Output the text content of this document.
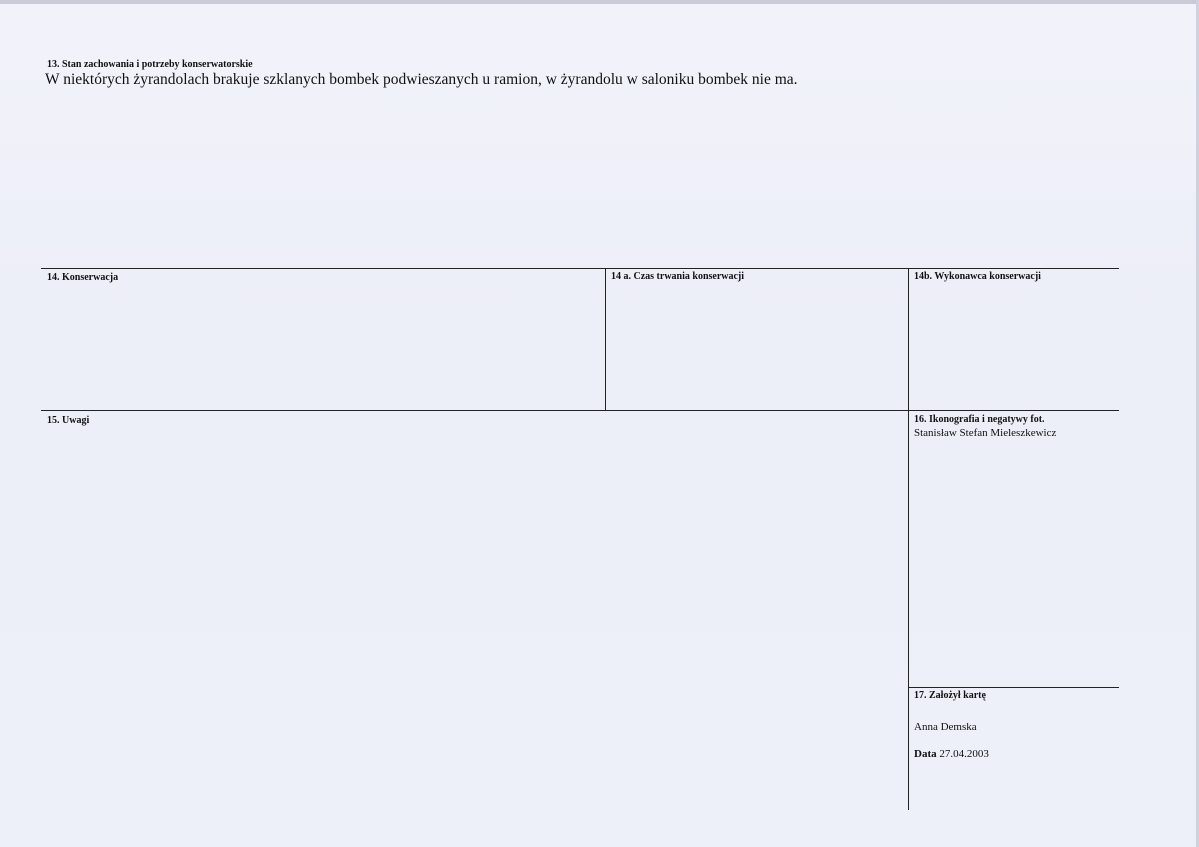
13. Stan zachowania i potrzeby konserwatorskie
W niektórych żyrandolach brakuje szklanych bombek podwieszanych u ramion, w żyrandolu w saloniku bombek nie ma.
14. Konserwacja	14 a. Czas trwania konserwacji	14b. Wykonawca konserwacji
15. Uwagi	16. Ikonografia i negatywy fot.
Stanisław Stefan Mieleszkewicz
17. Założył kartę
Anna Demska
Data 27.04.2003
